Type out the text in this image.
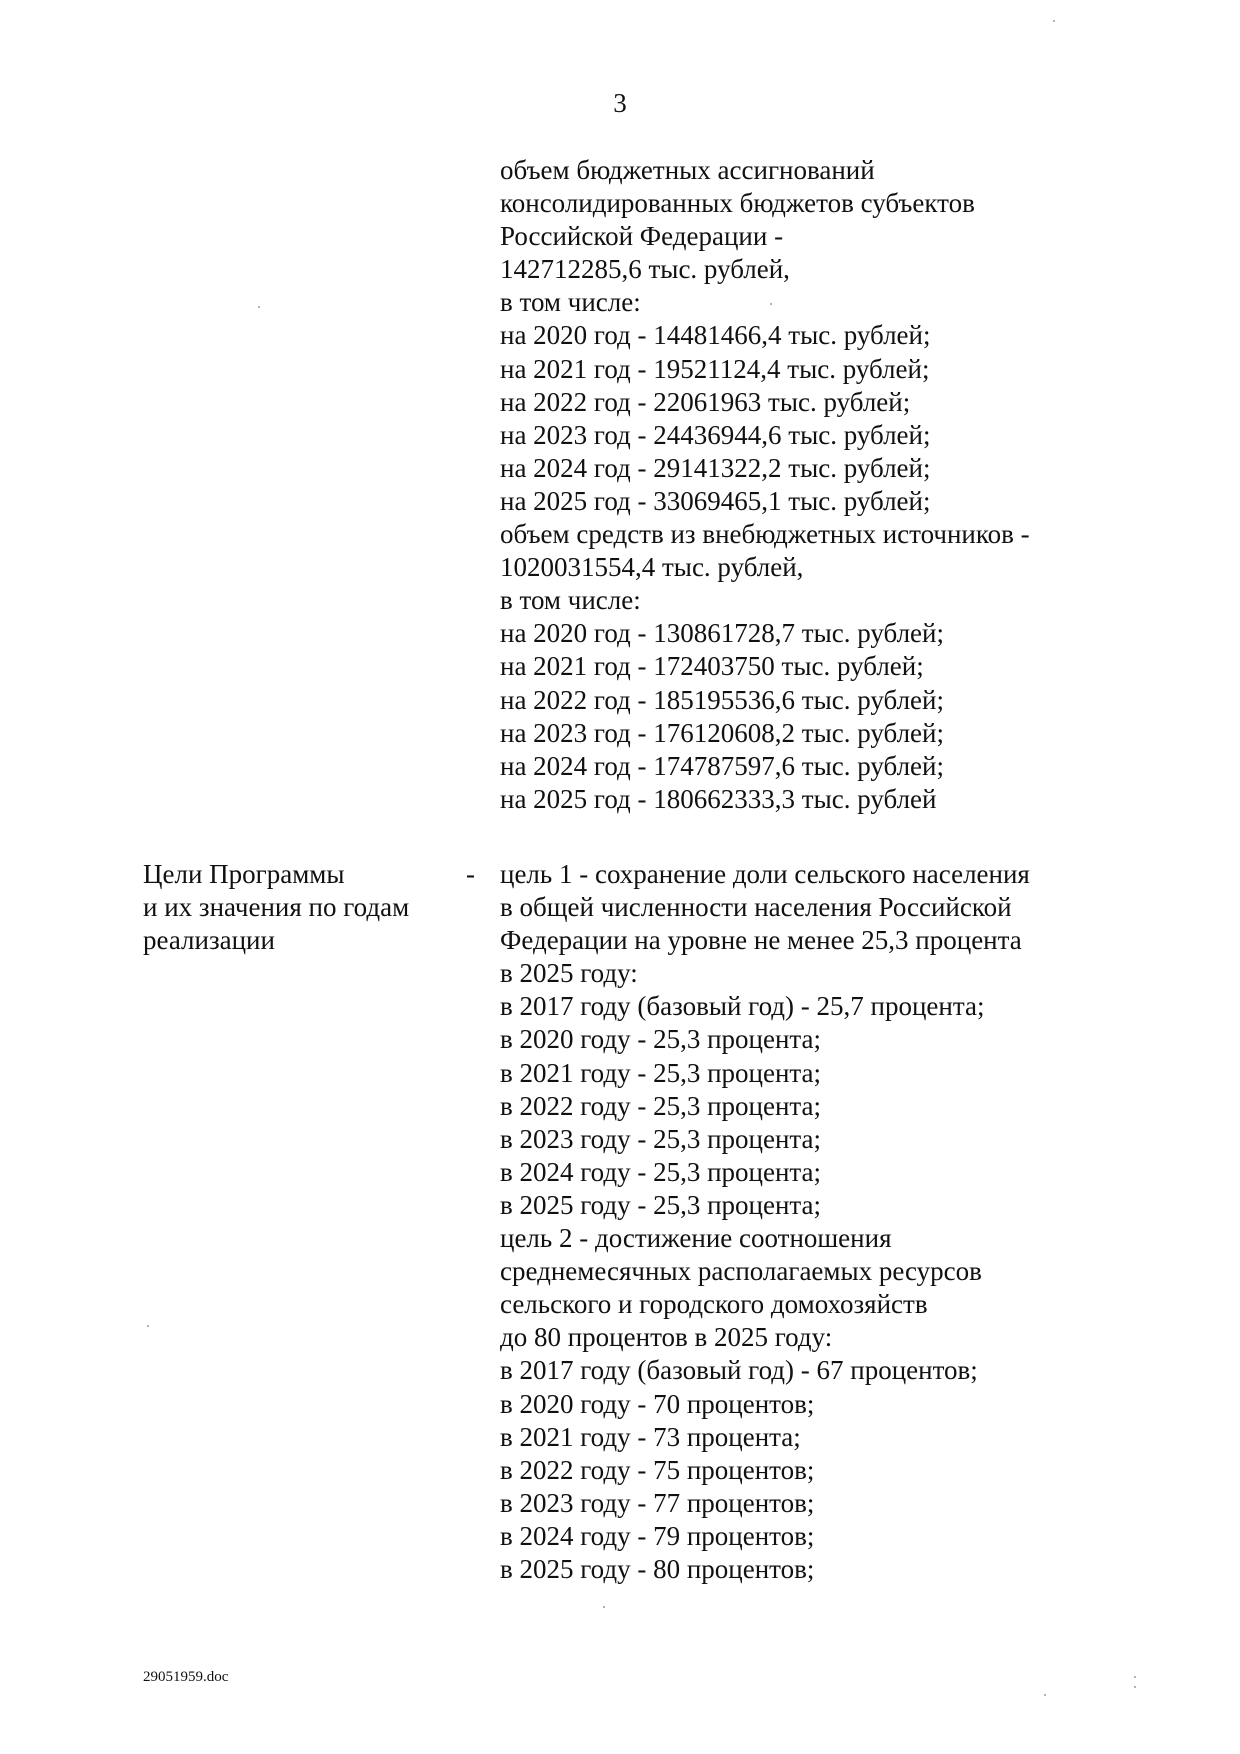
3
объем бюджетных ассигнований
консолидированных бюджетов субъектов
Российской Федерации -
142712285,6 тыс. рублей,
в том числе:
на 2020 год - 14481466,4 тыс. рублей;
на 2021 год - 19521124,4 тыс. рублей;
на 2022 год - 22061963 тыс. рублей;
на 2023 год - 24436944,6 тыс. рублей;
на 2024 год - 29141322,2 тыс. рублей;
на 2025 год - 33069465,1 тыс. рублей;
объем средств из внебюджетных источников -
1020031554,4 тыс. рублей,
в том числе:
на 2020 год - 130861728,7 тыс. рублей;
на 2021 год - 172403750 тыс. рублей;
на 2022 год - 185195536,6 тыс. рублей;
на 2023 год - 176120608,2 тыс. рублей;
на 2024 год - 174787597,6 тыс. рублей;
на 2025 год - 180662333,3 тыс. рублей
Цели Программы
и их значения по годам
реализации
- цель 1 - сохранение доли сельского населения
в общей численности населения Российской
Федерации на уровне не менее 25,3 процента
в 2025 году:
в 2017 году (базовый год) - 25,7 процента;
в 2020 году - 25,3 процента;
в 2021 году - 25,3 процента;
в 2022 году - 25,3 процента;
в 2023 году - 25,3 процента;
в 2024 году - 25,3 процента;
в 2025 году - 25,3 процента;
цель 2 - достижение соотношения
среднемесячных располагаемых ресурсов
сельского и городского домохозяйств
до 80 процентов в 2025 году:
в 2017 году (базовый год) - 67 процентов;
в 2020 году - 70 процентов;
в 2021 году - 73 процента;
в 2022 году - 75 процентов;
в 2023 году - 77 процентов;
в 2024 году - 79 процентов;
в 2025 году - 80 процентов;
29051959.doc
